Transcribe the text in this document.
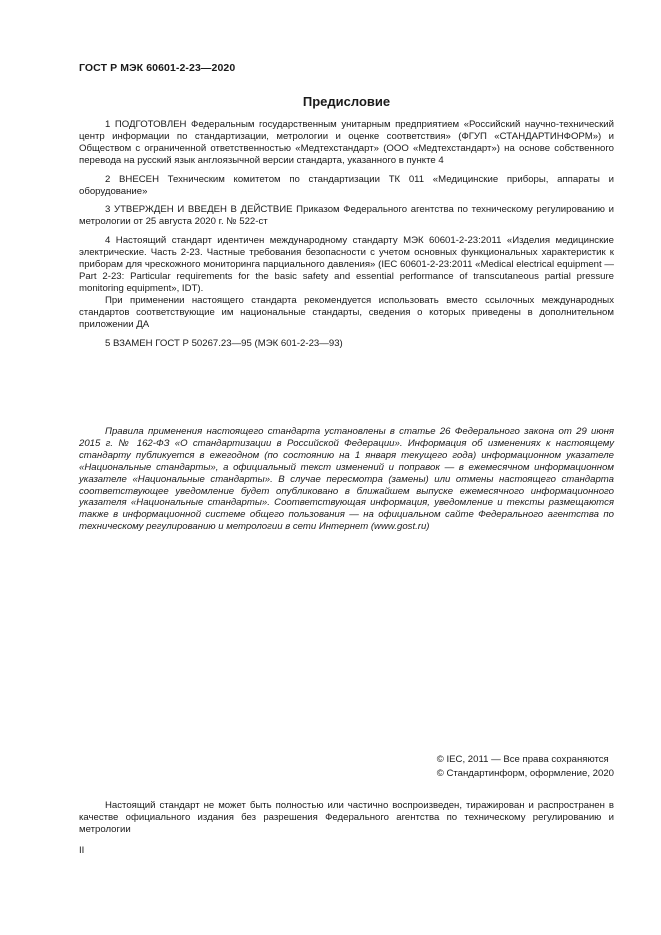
ГОСТ Р МЭК 60601-2-23—2020
Предисловие

1 ПОДГОТОВЛЕН Федеральным государственным унитарным предприятием «Российский научно-технический центр информации по стандартизации, метрологии и оценке соответствия» (ФГУП «СТАНДАРТИНФОРМ») и Обществом с ограниченной ответственностью «Медтехстандарт» (ООО «Медтехстандарт») на основе собственного перевода на русский язык англоязычной версии стандарта, указанного в пункте 4

2 ВНЕСЕН Техническим комитетом по стандартизации ТК 011 «Медицинские приборы, аппараты и оборудование»

3 УТВЕРЖДЕН И ВВЕДЕН В ДЕЙСТВИЕ Приказом Федерального агентства по техническому регулированию и метрологии от 25 августа 2020 г. № 522-ст

4 Настоящий стандарт идентичен международному стандарту МЭК 60601-2-23:2011 «Изделия медицинские электрические. Часть 2-23. Частные требования безопасности с учетом основных функциональных характеристик к приборам для чрескожного мониторинга парциального давления» (IEC 60601-2-23:2011 «Medical electrical equipment — Part 2-23: Particular requirements for the basic safety and essential performance of transcutaneous partial pressure monitoring equipment», IDT).

При применении настоящего стандарта рекомендуется использовать вместо ссылочных международных стандартов соответствующие им национальные стандарты, сведения о которых приведены в дополнительном приложении ДА

5 ВЗАМЕН ГОСТ Р 50267.23—95 (МЭК 601-2-23—93)

Правила применения настоящего стандарта установлены в статье 26 Федерального закона от 29 июня 2015 г. № 162-ФЗ «О стандартизации в Российской Федерации». Информация об изменениях к настоящему стандарту публикуется в ежегодном (по состоянию на 1 января текущего года) информационном указателе «Национальные стандарты», а официальный текст изменений и поправок — в ежемесячном информационном указателе «Национальные стандарты». В случае пересмотра (замены) или отмены настоящего стандарта соответствующее уведомление будет опубликовано в ближайшем выпуске ежемесячного информационного указателя «Национальные стандарты». Соответствующая информация, уведомление и тексты размещаются также в информационной системе общего пользования — на официальном сайте Федерального агентства по техническому регулированию и метрологии в сети Интернет (www.gost.ru)

© IEC, 2011 — Все права сохраняются
© Стандартинформ, оформление, 2020

Настоящий стандарт не может быть полностью или частично воспроизведен, тиражирован и распространен в качестве официального издания без разрешения Федерального агентства по техническому регулированию и метрологии

II
